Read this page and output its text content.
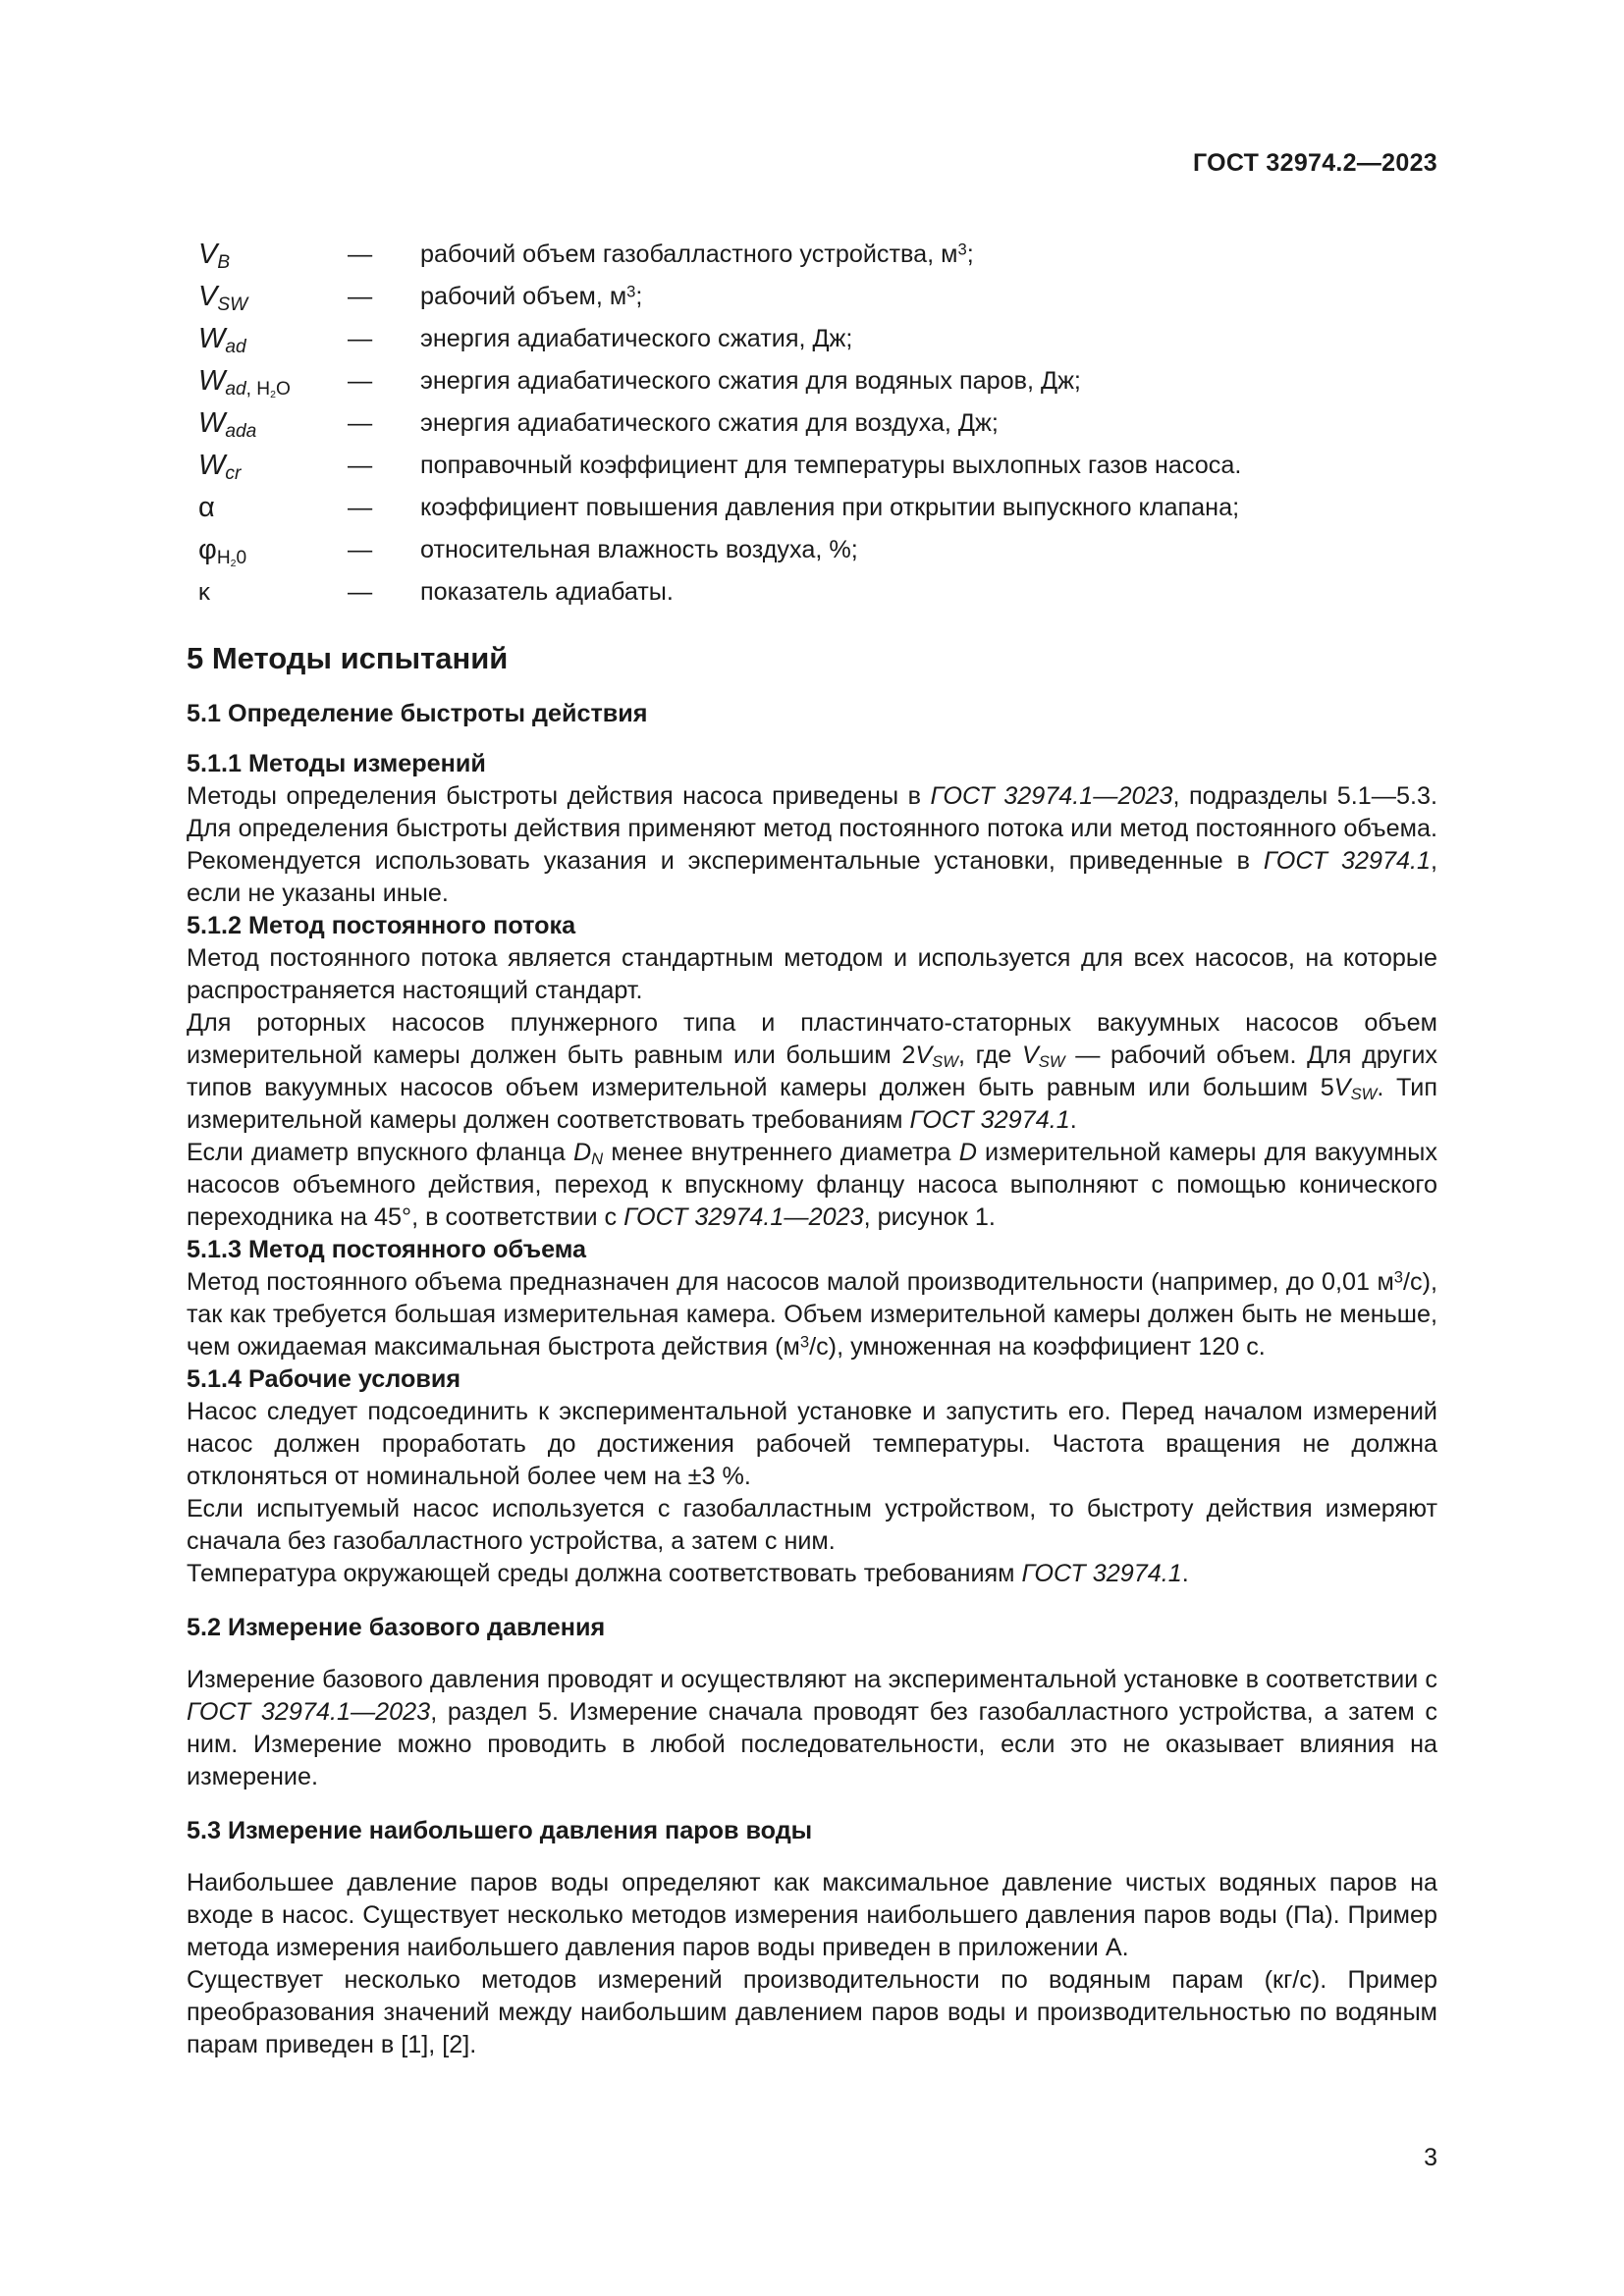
ГОСТ 32974.2—2023
$V_B$	—	рабочий объем газобалластного устройства, $м^3$;
$V_{SW}$	—	рабочий объем, $м^3$;
$W_{ad}$	—	энергия адиабатического сжатия, Дж;
$W_{ad, H2O}$	—	энергия адиабатического сжатия для водяных паров, Дж;
$W_{ada}$	—	энергия адиабатического сжатия для воздуха, Дж;
$W_{cr}$	—	поправочный коэффициент для температуры выхлопных газов насоса.
α	—	коэффициент повышения давления при открытии выпускного клапана;
$\varphi_{H20}$	—	относительная влажность воздуха, %;
κ	—	показатель адиабаты.
5 Методы испытаний
5.1 Определение быстроты действия
5.1.1 Методы измерений

Методы определения быстроты действия насоса приведены в ГОСТ 32974.1—2023, подразделы 5.1—5.3. Для определения быстроты действия применяют метод постоянного потока или метод постоянного объема. Рекомендуется использовать указания и экспериментальные установки, приведенные в ГОСТ 32974.1, если не указаны иные.

5.1.2 Метод постоянного потока

Метод постоянного потока является стандартным методом и используется для всех насосов, на которые распространяется настоящий стандарт.

Для роторных насосов плунжерного типа и пластинчато-статорных вакуумных насосов объем измерительной камеры должен быть равным или большим $2V_{SW}$, где $V_{SW}$ — рабочий объем. Для других типов вакуумных насосов объем измерительной камеры должен быть равным или большим $5V_{SW}$. Тип измерительной камеры должен соответствовать требованиям ГОСТ 32974.1.

Если диаметр впускного фланца $D_N$ менее внутреннего диаметра D измерительной камеры для вакуумных насосов объемного действия, переход к впускному фланцу насоса выполняют с помощью конического переходника на 45°, в соответствии с ГОСТ 32974.1—2023, рисунок 1.

5.1.3 Метод постоянного объема

Метод постоянного объема предназначен для насосов малой производительности (например, до 0,01 $м^3/с$), так как требуется большая измерительная камера. Объем измерительной камеры должен быть не меньше, чем ожидаемая максимальная быстрота действия $(м^3/с)$, умноженная на коэффициент 120 с.

5.1.4 Рабочие условия

Насос следует подсоединить к экспериментальной установке и запустить его. Перед началом измерений насос должен проработать до достижения рабочей температуры. Частота вращения не должна отклоняться от номинальной более чем на ±3 %.

Если испытуемый насос используется с газобалластным устройством, то быстроту действия измеряют сначала без газобалластного устройства, а затем с ним.

Температура окружающей среды должна соответствовать требованиям ГОСТ 32974.1.

5.2 Измерение базового давления

Измерение базового давления проводят и осуществляют на экспериментальной установке в соответствии с ГОСТ 32974.1—2023, раздел 5. Измерение сначала проводят без газобалластного устройства, а затем с ним. Измерение можно проводить в любой последовательности, если это не оказывает влияния на измерение.

5.3 Измерение наибольшего давления паров воды

Наибольшее давление паров воды определяют как максимальное давление чистых водяных паров на входе в насос. Существует несколько методов измерения наибольшего давления паров воды (Па). Пример метода измерения наибольшего давления паров воды приведен в приложении А.

Существует несколько методов измерений производительности по водяным парам (кг/с). Пример преобразования значений между наибольшим давлением паров воды и производительностью по водяным парам приведен в [1], [2].

3
